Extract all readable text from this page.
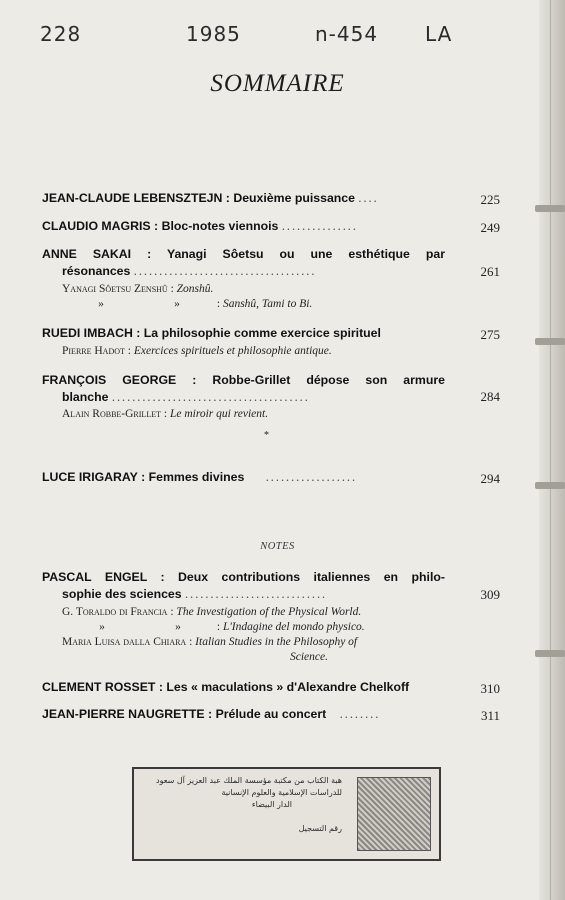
228	1985	n-454 LA
SOMMAIRE
JEAN-CLAUDE LEBENSZTEJN : Deuxième puissance ....	225
CLAUDIO MAGRIS : Bloc-notes viennois ...............	249
ANNE SAKAI : Yanagi Sôetsu ou une esthétique par
résonances ....................................	261
Yanagi Sôetsu Zenshû : Zonshû.
»	»	: Sanshû, Tami to Bi.
RUEDI IMBACH : La philosophie comme exercice spirituel	275
Pierre Hadot : Exercices spirituels et philosophie antique.
FRANÇOIS GEORGE : Robbe-Grillet dépose son armure
blanche .......................................	284
Alain Robbe-Grillet : Le miroir qui revient.
*
LUCE IRIGARAY : Femmes divines ..................	294
NOTES
PASCAL ENGEL : Deux contributions italiennes en philo-
sophie des sciences ............................	309
G. Toraldo di Francia : The Investigation of the Physical World.
»	»	: L'Indagine del mondo physico.
Maria Luisa dalla Chiara : Italian Studies in the Philosophy of
Science.
CLEMENT ROSSET : Les « maculations » d'Alexandre Chelkoff	310
JEAN-PIERRE NAUGRETTE : Prélude au concert ........	311
هبة الكتاب من مكتبة مؤسسة الملك عبد العزيز آل سعود
للدراسات الإسلامية والعلوم الإنسانية
الدار البيضاء
رقم التسجيل
